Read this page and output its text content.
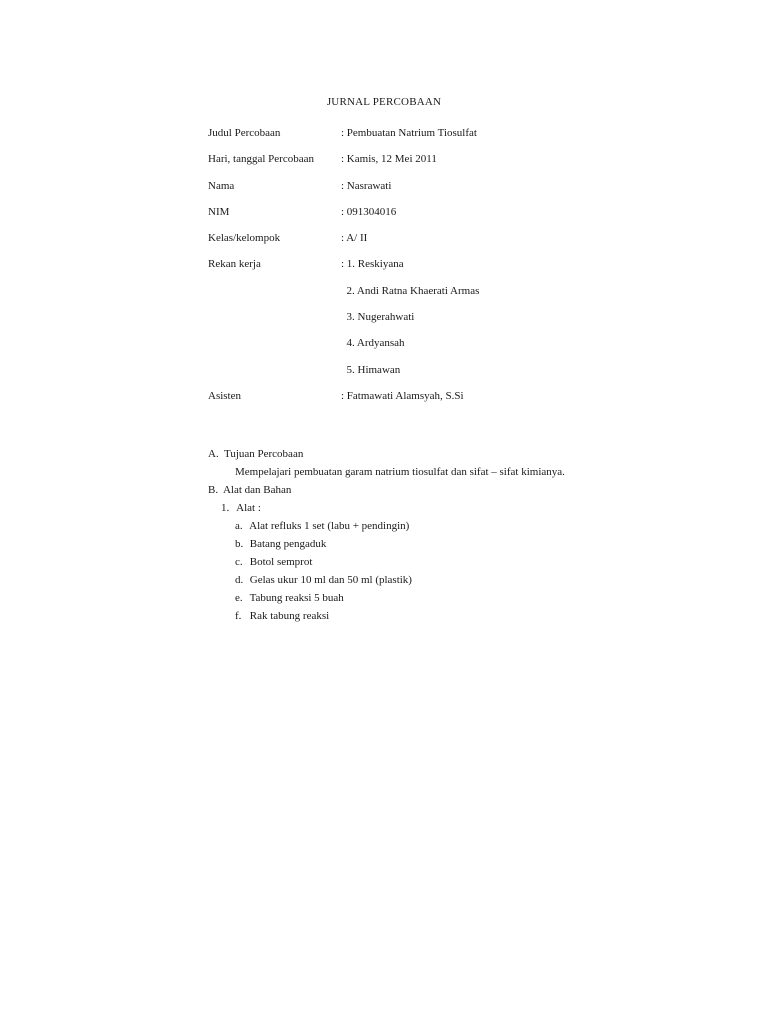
JURNAL PERCOBAAN
Judul Percobaan	: Pembuatan Natrium Tiosulfat
Hari, tanggal Percobaan : Kamis, 12 Mei 2011
Nama	: Nasrawati
NIM	: 091304016
Kelas/kelompok	: A/ II
Rekan kerja	: 1. Reskiyana
2. Andi Ratna Khaerati Armas
3. Nugerahwati
4. Ardyansah
5. Himawan
Asisten	: Fatmawati Alamsyah, S.Si
A.  Tujuan Percobaan
Mempelajari pembuatan garam natrium tiosulfat dan sifat – sifat kimianya.
B.  Alat dan Bahan
1. Alat :
a. Alat refluks 1 set (labu + pendingin)
b. Batang pengaduk
c. Botol semprot
d. Gelas ukur 10 ml dan 50 ml (plastik)
e. Tabung reaksi 5 buah
f. Rak tabung reaksi
